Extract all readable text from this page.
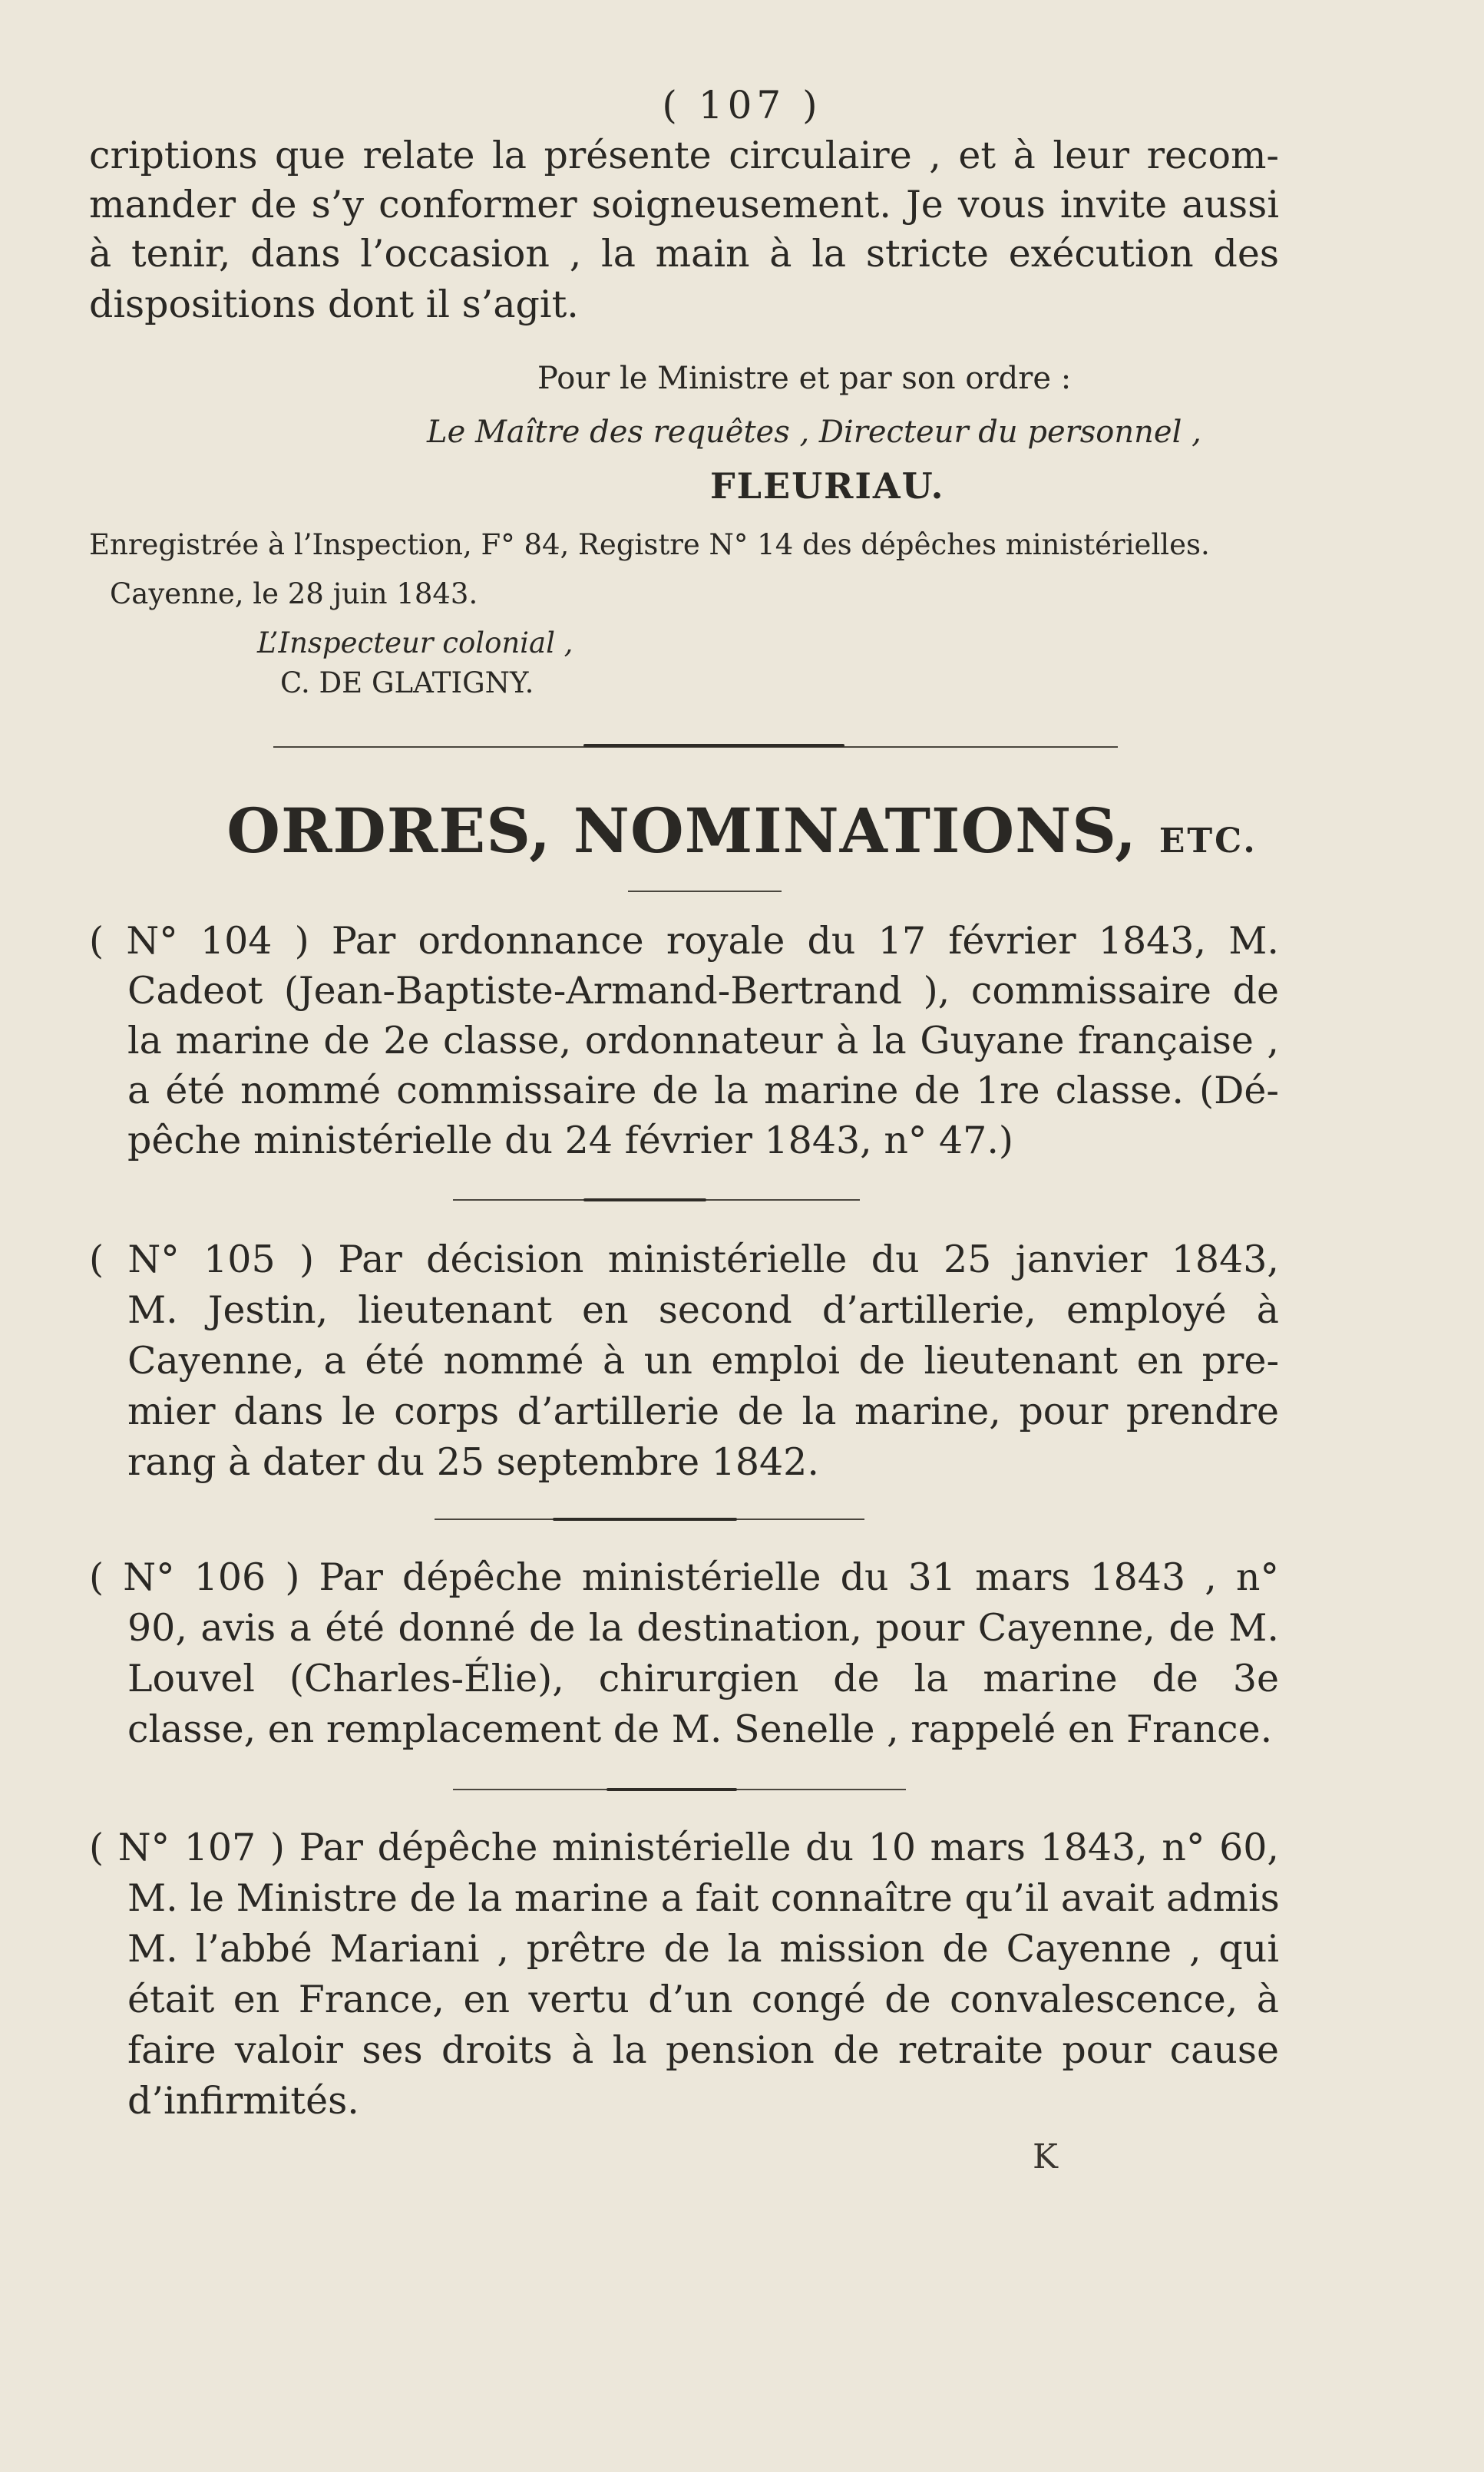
( 107 )
criptions que relate la présente circulaire , et à leur recom-
mander de s’y conformer soigneusement. Je vous invite aussi
à tenir, dans l’occasion , la main à la stricte exécution des
dispositions dont il s’agit.
Pour le Ministre et par son ordre :
Le Maître des requêtes , Directeur du personnel ,
FLEURIAU.
Enregistrée à l’Inspection, F° 84, Registre N° 14 des dépêches ministérielles.
Cayenne, le 28 juin 1843.
L’Inspecteur colonial ,
C. DE GLATIGNY.
ORDRES, NOMINATIONS, ETC.
( N° 104 ) Par ordonnance royale du 17 février 1843, M.
Cadeot (Jean-Baptiste-Armand-Bertrand ), commissaire de
la marine de 2e classe, ordonnateur à la Guyane française ,
a été nommé commissaire de la marine de 1re classe. (Dé-
pêche ministérielle du 24 février 1843, n° 47.)
( N° 105 ) Par décision ministérielle du 25 janvier 1843,
M. Jestin, lieutenant en second d’artillerie, employé à
Cayenne, a été nommé à un emploi de lieutenant en pre-
mier dans le corps d’artillerie de la marine, pour prendre
rang à dater du 25 septembre 1842.
( N° 106 ) Par dépêche ministérielle du 31 mars 1843 , n°
90, avis a été donné de la destination, pour Cayenne, de M.
Louvel (Charles-Élie), chirurgien de la marine de 3e
classe, en remplacement de M. Senelle , rappelé en France.
( N° 107 ) Par dépêche ministérielle du 10 mars 1843, n° 60,
M. le Ministre de la marine a fait connaître qu’il avait admis
M. l’abbé Mariani , prêtre de la mission de Cayenne , qui
était en France, en vertu d’un congé de convalescence, à
faire valoir ses droits à la pension de retraite pour cause
d’infirmités.
K
